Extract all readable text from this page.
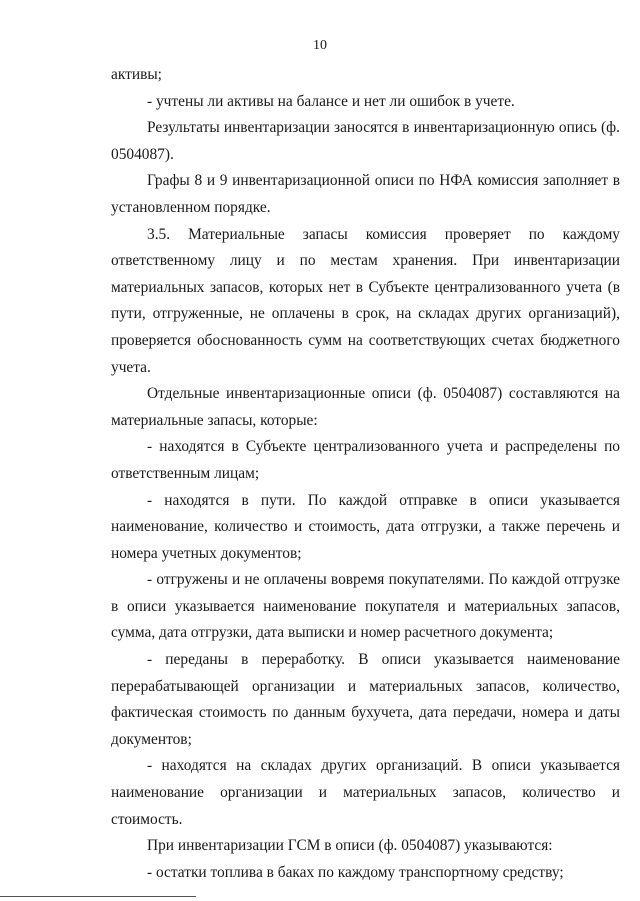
10

активы;

- учтены ли активы на балансе и нет ли ошибок в учете.

Результаты инвентаризации заносятся в инвентаризационную опись (ф. 0504087).

Графы 8 и 9 инвентаризационной описи по НФА комиссия заполняет в установленном порядке.

3.5. Материальные запасы комиссия проверяет по каждому ответственному лицу и по местам хранения. При инвентаризации материальных запасов, которых нет в Субъекте централизованного учета (в пути, отгруженные, не оплачены в срок, на складах других организаций), проверяется обоснованность сумм на соответствующих счетах бюджетного учета.

Отдельные инвентаризационные описи (ф. 0504087) составляются на материальные запасы, которые:

- находятся в Субъекте централизованного учета и распределены по ответственным лицам;

- находятся в пути. По каждой отправке в описи указывается наименование, количество и стоимость, дата отгрузки, а также перечень и номера учетных документов;

- отгружены и не оплачены вовремя покупателями. По каждой отгрузке в описи указывается наименование покупателя и материальных запасов, сумма, дата отгрузки, дата выписки и номер расчетного документа;

- переданы в переработку. В описи указывается наименование перерабатывающей организации и материальных запасов, количество, фактическая стоимость по данным бухучета, дата передачи, номера и даты документов;

- находятся на складах других организаций. В описи указывается наименование организации и материальных запасов, количество и стоимость.

При инвентаризации ГСМ в описи (ф. 0504087) указываются:

- остатки топлива в баках по каждому транспортному средству;
